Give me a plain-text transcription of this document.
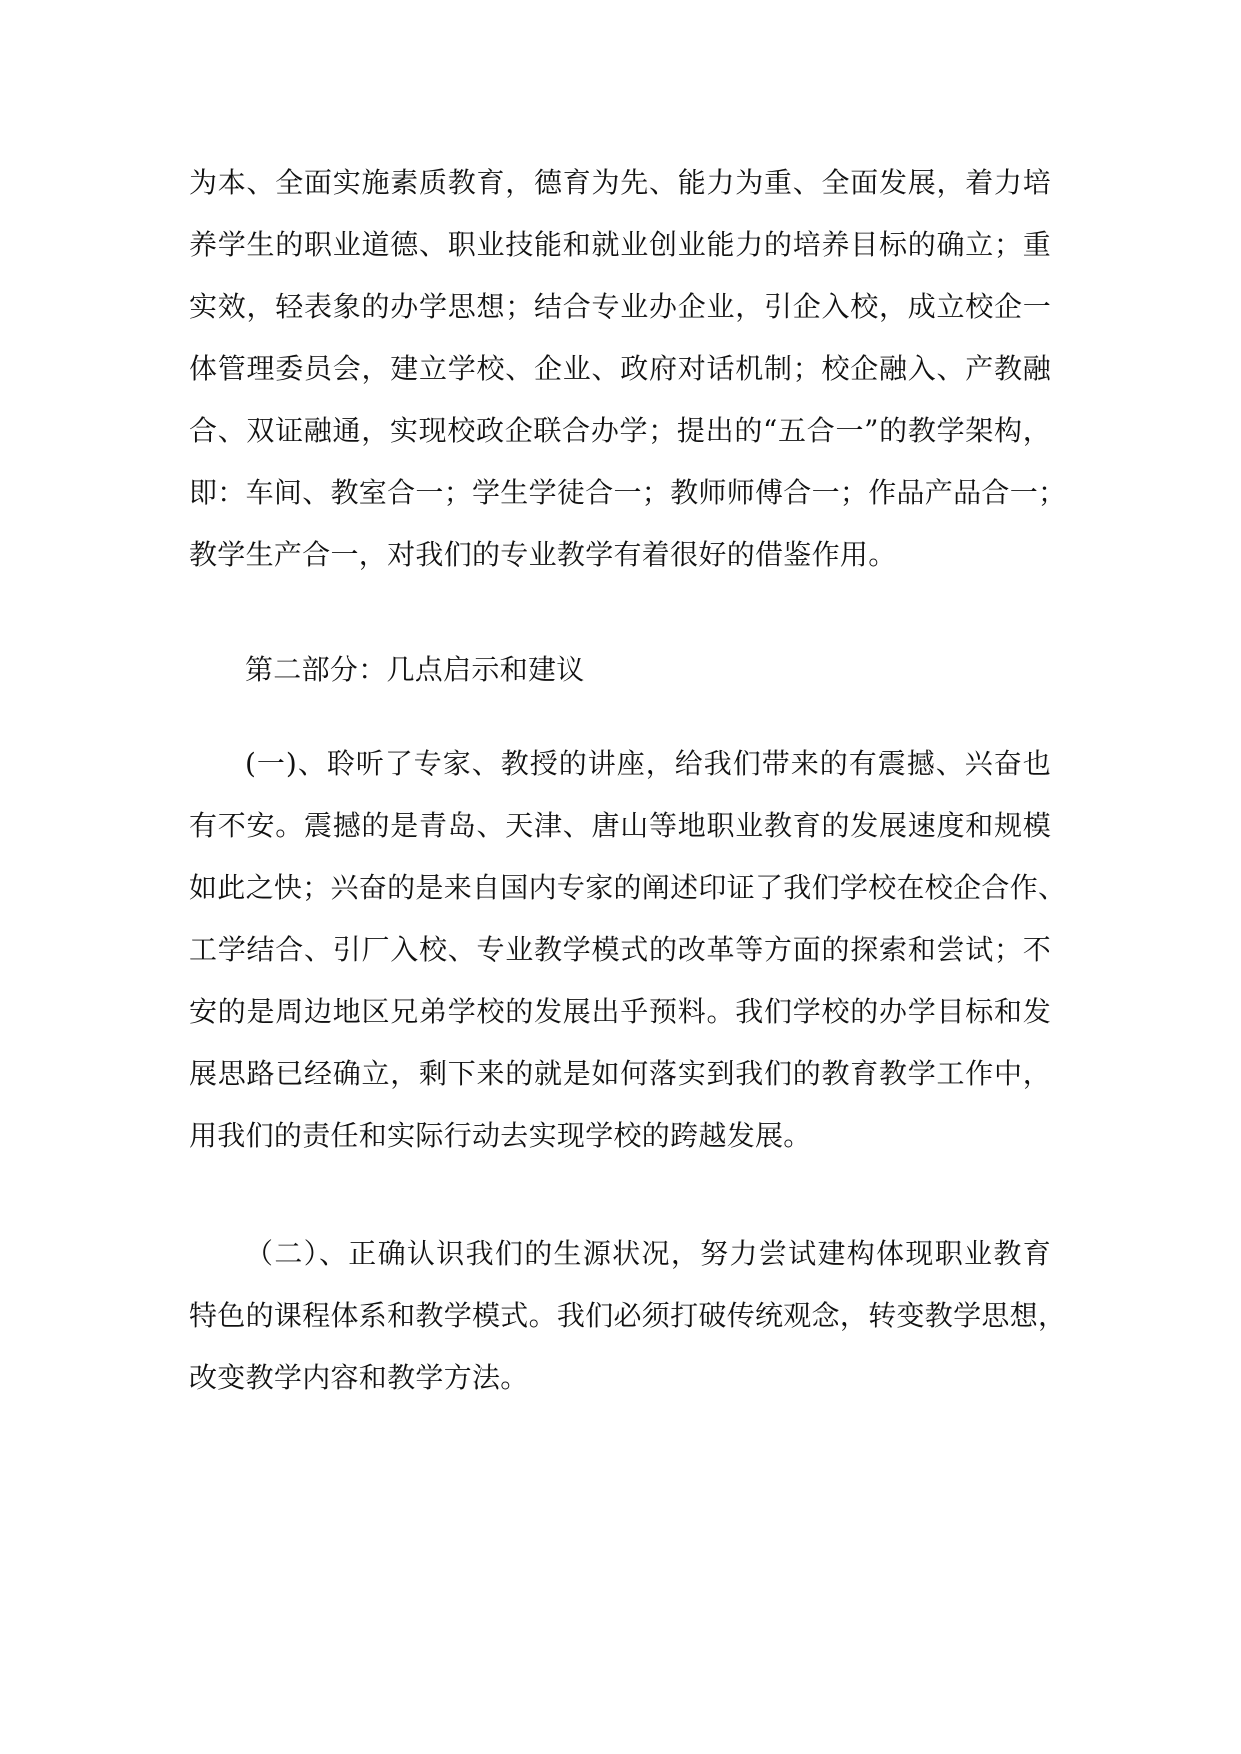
为本、全面实施素质教育，德育为先、能力为重、全面发展，着力培
养学生的职业道德、职业技能和就业创业能力的培养目标的确立；重
实效，轻表象的办学思想；结合专业办企业，引企入校，成立校企一
体管理委员会，建立学校、企业、政府对话机制；校企融入、产教融
合、双证融通，实现校政企联合办学；提出的“五合一”的教学架构，
即：车间、教室合一；学生学徒合一；教师师傅合一；作品产品合一；
教学生产合一，对我们的专业教学有着很好的借鉴作用。
第二部分：几点启示和建议
(一)、聆听了专家、教授的讲座，给我们带来的有震撼、兴奋也
有不安。震撼的是青岛、天津、唐山等地职业教育的发展速度和规模
如此之快；兴奋的是来自国内专家的阐述印证了我们学校在校企合作、
工学结合、引厂入校、专业教学模式的改革等方面的探索和尝试；不
安的是周边地区兄弟学校的发展出乎预料。我们学校的办学目标和发
展思路已经确立，剩下来的就是如何落实到我们的教育教学工作中，
用我们的责任和实际行动去实现学校的跨越发展。
（二）、正确认识我们的生源状况，努力尝试建构体现职业教育
特色的课程体系和教学模式。我们必须打破传统观念，转变教学思想，
改变教学内容和教学方法。
